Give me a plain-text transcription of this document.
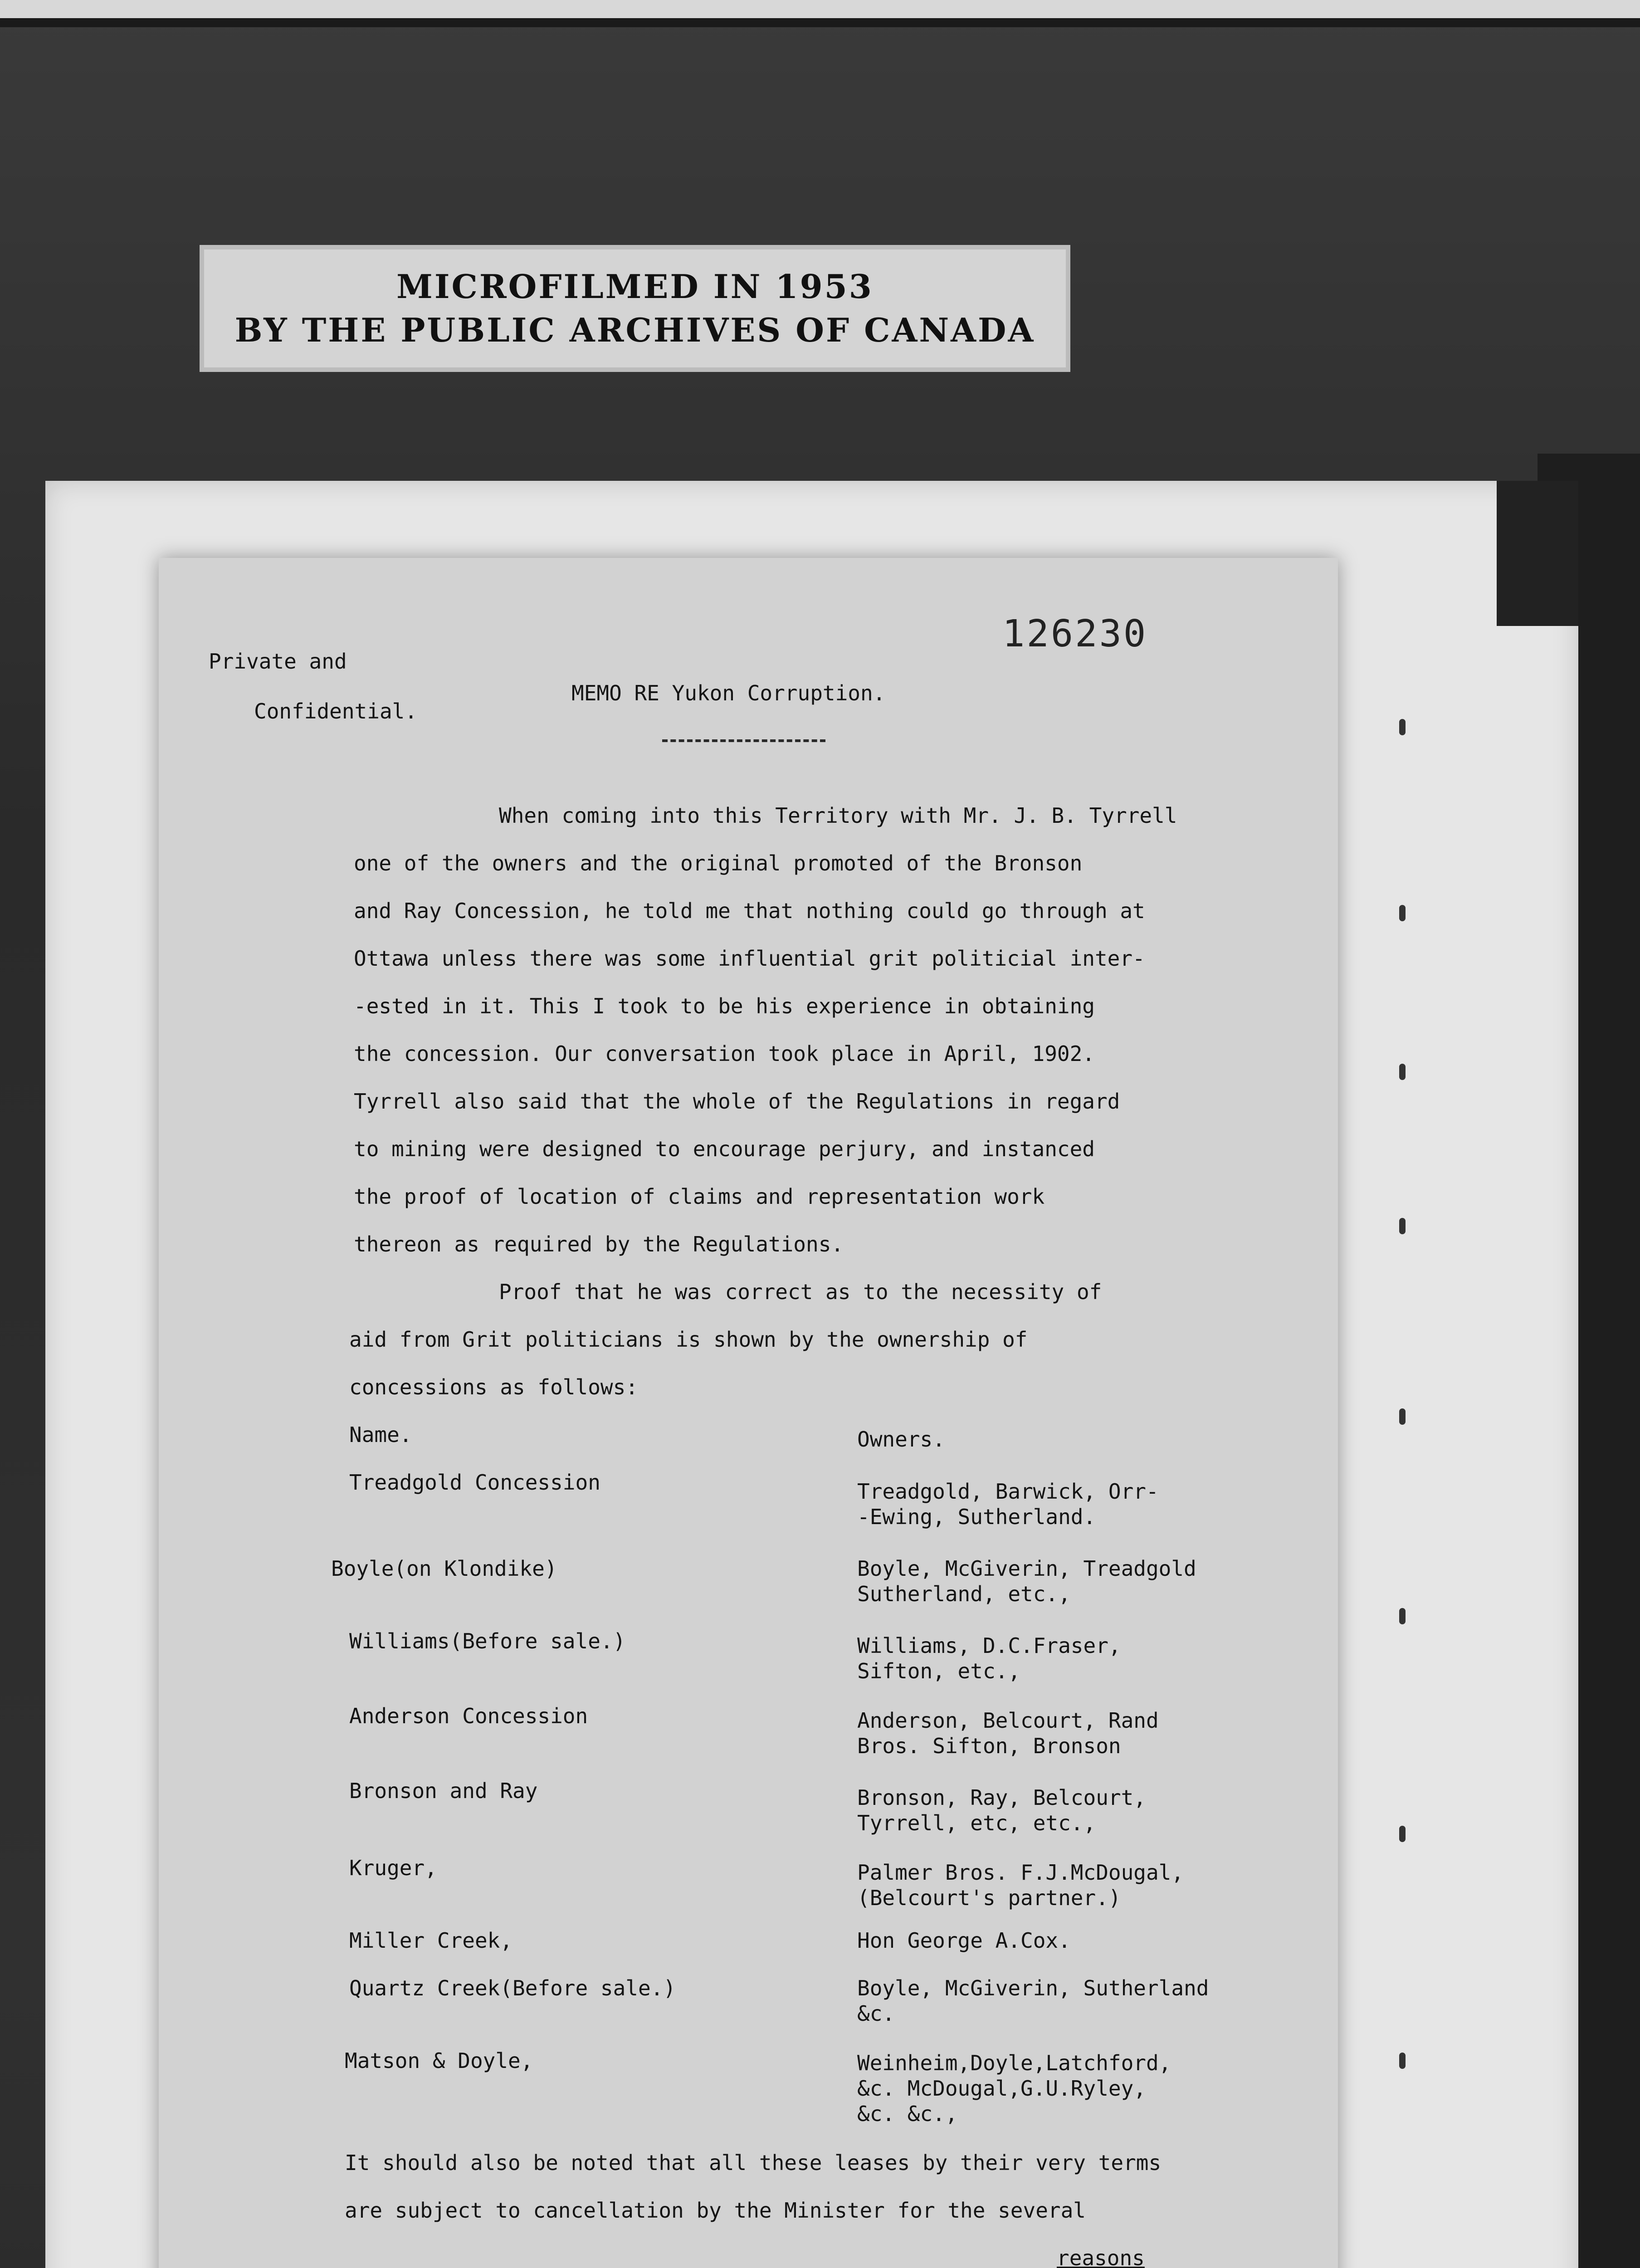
MICROFILMED IN 1953
BY THE PUBLIC ARCHIVES OF CANADA
126230
Private and
Confidential.
MEMO RE Yukon Corruption.
When coming into this Territory with Mr. J. B. Tyrrell
one of the owners and the original promoted of the Bronson
and Ray Concession, he told me that nothing could go through at
Ottawa unless there was some influential grit politicial inter-
-ested in it. This I took to be his experience in obtaining
the concession. Our conversation took place in April, 1902.
Tyrrell also said that the whole of the Regulations in regard
to mining were designed to encourage perjury, and instanced
the proof of location of claims and representation work
thereon as required by the Regulations.
Proof that he was correct as to the necessity of
aid from Grit politicians is shown by the ownership of
concessions as follows:
Name.	Owners.
Treadgold Concession	Treadgold, Barwick, Orr-
-Ewing, Sutherland.
Boyle(on Klondike)	Boyle, McGiverin, Treadgold
Sutherland, etc.,
Williams(Before sale.)	Williams, D.C.Fraser,
Sifton, etc.,
Anderson Concession	Anderson, Belcourt, Rand
Bros. Sifton, Bronson
Bronson and Ray	Bronson, Ray, Belcourt,
Tyrrell, etc, etc.,
Kruger,	Palmer Bros. F.J.McDougal,
(Belcourt's partner.)
Miller Creek,	Hon George A.Cox.
Quartz Creek(Before sale.)	Boyle, McGiverin, Sutherland
&c.
Matson & Doyle,	Weinheim,Doyle,Latchford,
&c. McDougal,G.U.Ryley,
&c. &c.,
It should also be noted that all these leases by their very terms
are subject to cancellation by the Minister for the several
reasons
